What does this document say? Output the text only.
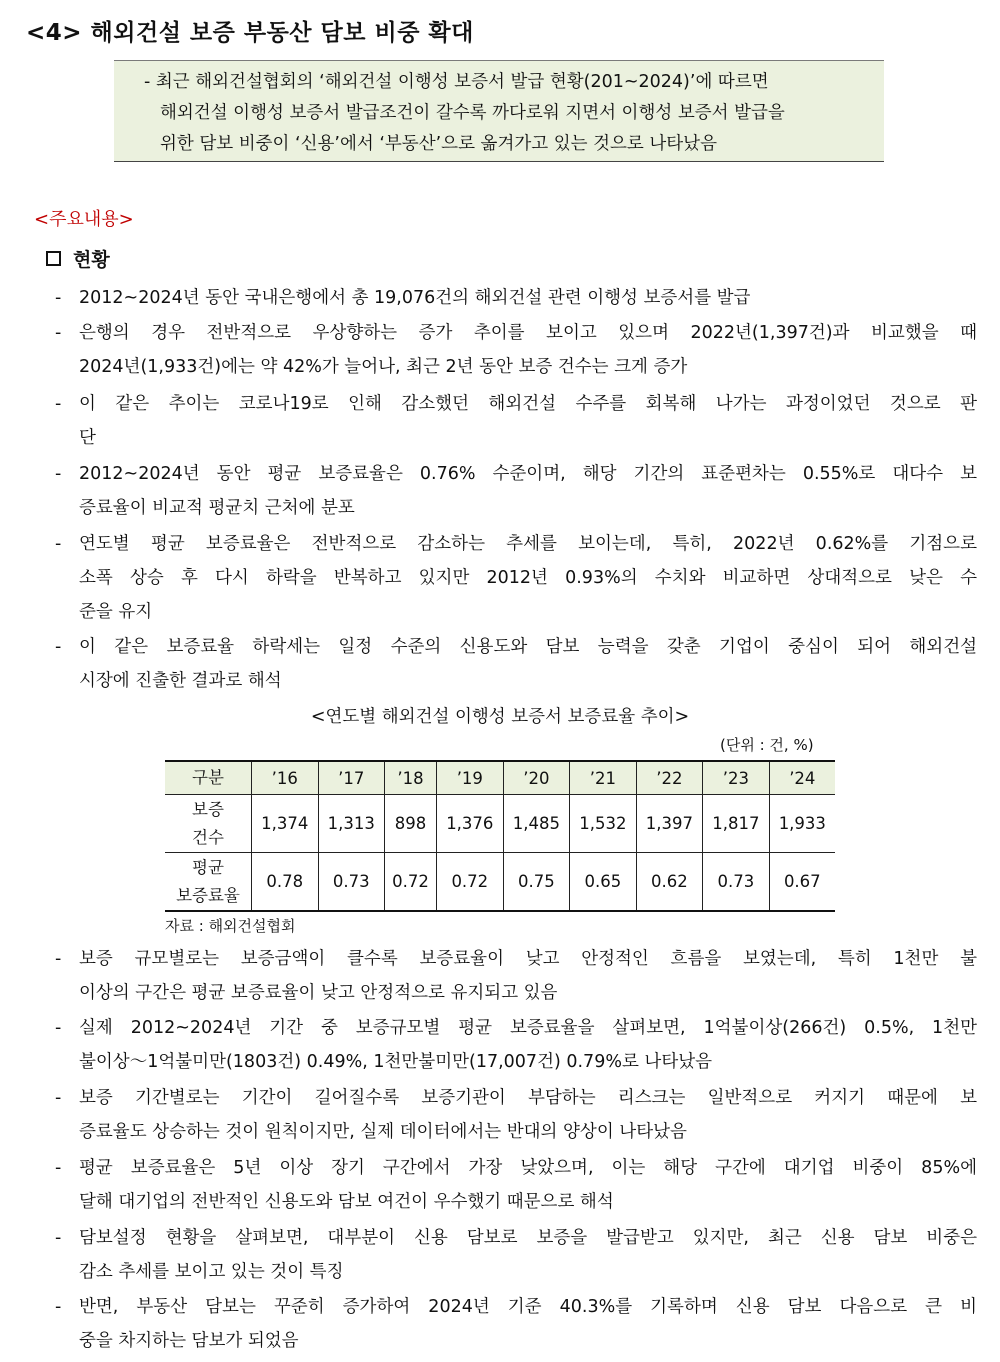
<4> 해외건설 보증 부동산 담보 비중 확대
- 최근 해외건설협회의 ‘해외건설 이행성 보증서 발급 현황(201~2024)’에 따르면
해외건설 이행성 보증서 발급조건이 갈수록 까다로워 지면서 이행성 보증서 발급을
위한 담보 비중이 ‘신용’에서 ‘부동산’으로 옮겨가고 있는 것으로 나타났음
<주요내용>
현황
- 2012~2024년 동안 국내은행에서 총 19,076건의 해외건설 관련 이행성 보증서를 발급
- 은행의 경우 전반적으로 우상향하는 증가 추이를 보이고 있으며 2022년(1,397건)과 비교했을 때
2024년(1,933건)에는 약 42%가 늘어나, 최근 2년 동안 보증 건수는 크게 증가
- 이 같은 추이는 코로나19로 인해 감소했던 해외건설 수주를 회복해 나가는 과정이었던 것으로 판
단
- 2012~2024년 동안 평균 보증료율은 0.76% 수준이며, 해당 기간의 표준편차는 0.55%로 대다수 보
증료율이 비교적 평균치 근처에 분포
- 연도별 평균 보증료율은 전반적으로 감소하는 추세를 보이는데, 특히, 2022년 0.62%를 기점으로
소폭 상승 후 다시 하락을 반복하고 있지만 2012년 0.93%의 수치와 비교하면 상대적으로 낮은 수
준을 유지
- 이 같은 보증료율 하락세는 일정 수준의 신용도와 담보 능력을 갖춘 기업이 중심이 되어 해외건설
시장에 진출한 결과로 해석
<연도별 해외건설 이행성 보증서 보증료율 추이>
(단위 : 건, %)
구분	’16	’17	’18	’19	’20	’21	’22	’23	’24

보증
건수	1,374	1,313	898	1,376	1,485	1,532	1,397	1,817	1,933

평균
보증료율	0.78	0.73	0.72	0.72	0.75	0.65	0.62	0.73	0.67
자료 : 해외건설협회
- 보증 규모별로는 보증금액이 클수록 보증료율이 낮고 안정적인 흐름을 보였는데, 특히 1천만 불
이상의 구간은 평균 보증료율이 낮고 안정적으로 유지되고 있음
- 실제 2012~2024년 기간 중 보증규모별 평균 보증료율을 살펴보면, 1억불이상(266건) 0.5%, 1천만
불이상～1억불미만(1803건) 0.49%, 1천만불미만(17,007건) 0.79%로 나타났음
- 보증 기간별로는 기간이 길어질수록 보증기관이 부담하는 리스크는 일반적으로 커지기 때문에 보
증료율도 상승하는 것이 원칙이지만, 실제 데이터에서는 반대의 양상이 나타났음
- 평균 보증료율은 5년 이상 장기 구간에서 가장 낮았으며, 이는 해당 구간에 대기업 비중이 85%에
달해 대기업의 전반적인 신용도와 담보 여건이 우수했기 때문으로 해석
- 담보설정 현황을 살펴보면, 대부분이 신용 담보로 보증을 발급받고 있지만, 최근 신용 담보 비중은
감소 추세를 보이고 있는 것이 특징
- 반면, 부동산 담보는 꾸준히 증가하여 2024년 기준 40.3%를 기록하며 신용 담보 다음으로 큰 비
중을 차지하는 담보가 되었음
